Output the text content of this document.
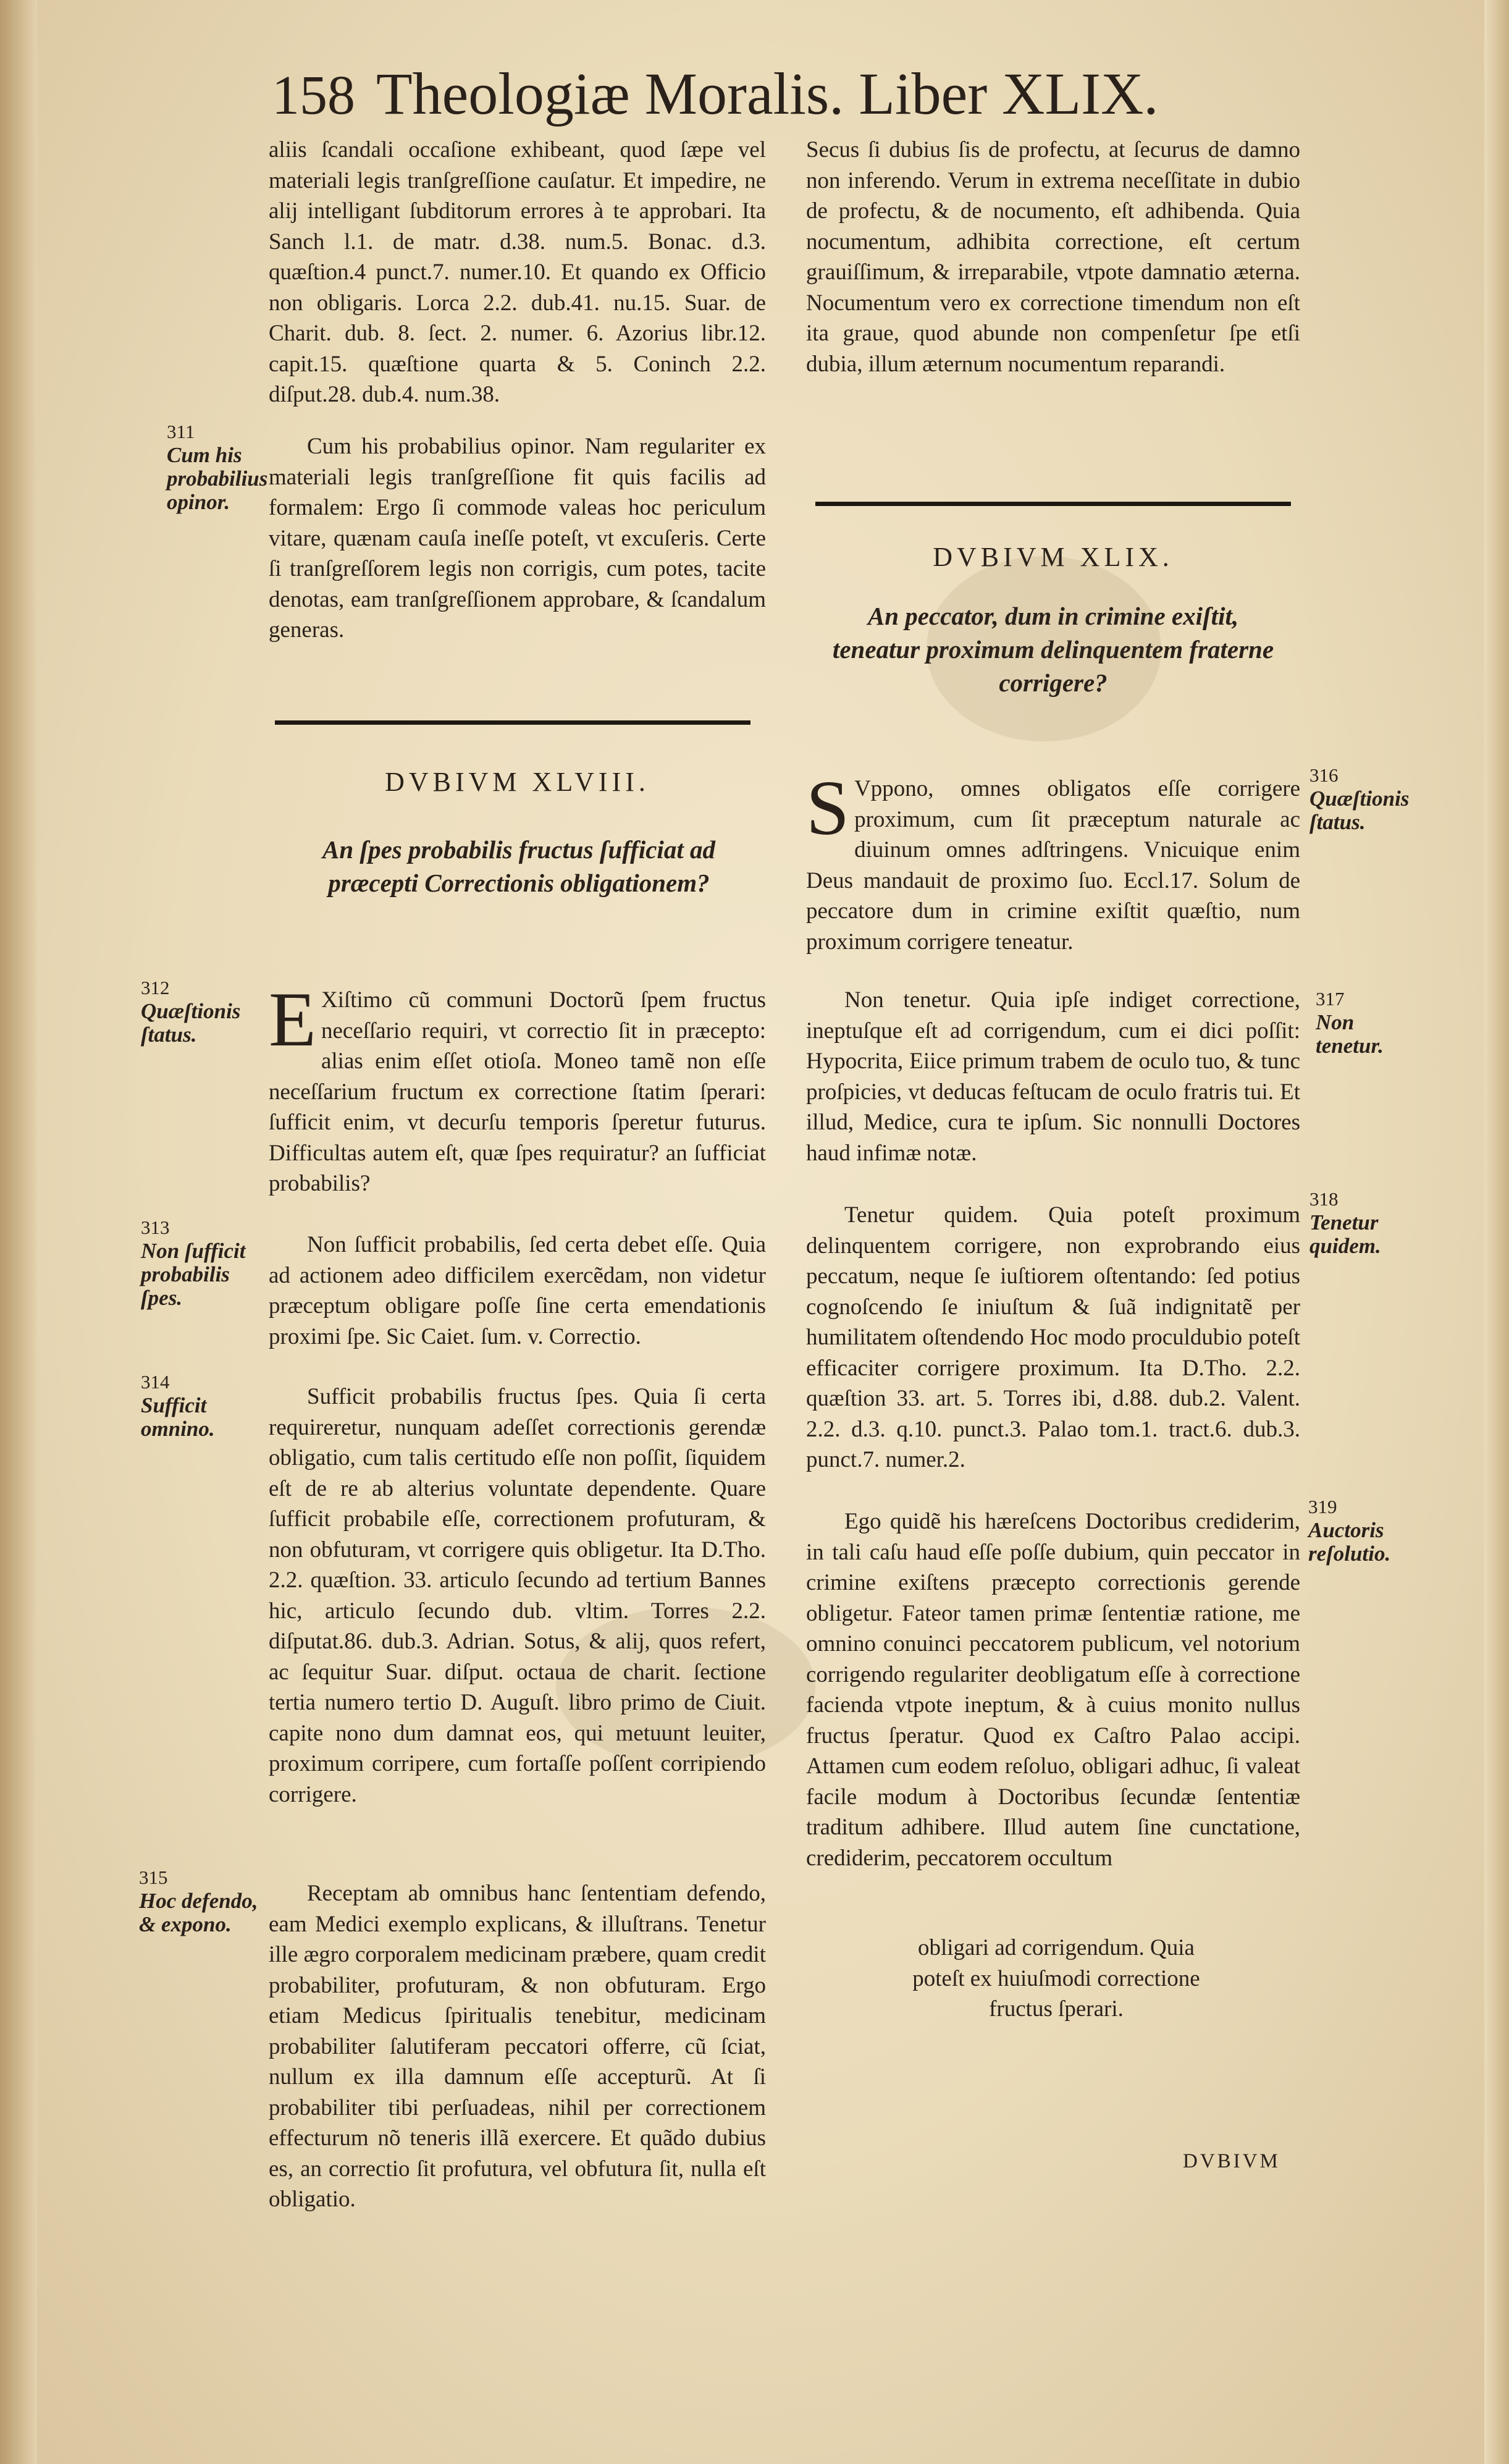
158 Theologiæ Moralis. Liber XLIX.

aliis ſcandali occaſione exhibeant, quod ſæpe vel materiali legis tranſgreſſione cauſatur. Et impedire, ne alij intelligant ſubditorum errores à te approbari. Ita Sanch l.1. de matr. d.38. num.5. Bonac. d.3. quæſtion.4 punct.7. numer.10. Et quando ex Officio non obligaris. Lorca 2.2. dub.41. nu.15. Suar. de Charit. dub. 8. ſect. 2. numer. 6. Azorius libr.12. capit.15. quæſtione quarta & 5. Coninch 2.2. diſput.28. dub.4. num.38.

311
Cum his probabilius opinor.

Cum his probabilius opinor. Nam regulariter ex materiali legis tranſgreſſione fit quis facilis ad formalem: Ergo ſi commode valeas hoc periculum vitare, quænam cauſa ineſſe poteſt, vt excuſeris. Certe ſi tranſgreſſorem legis non corrigis, cum potes, tacite denotas, eam tranſgreſſionem approbare, & ſcandalum generas.

DVBIVM XLVIII.
An ſpes probabilis fructus ſufficiat ad præcepti Correctionis obligationem?
312
Quæſtionis ſtatus. E Xiſtimo cũ communi Doctorũ ſpem fructus neceſſario requiri, vt correctio ſit in præcepto: alias enim eſſet otioſa. Moneo tamẽ non eſſe neceſſarium fructum ex correctione ſtatim ſperari: ſufficit enim, vt decurſu temporis ſperetur futurus. Difficultas autem eſt, quæ ſpes requiratur? an ſufficiat probabilis?

313
Non ſufficit probabilis ſpes.

Non ſufficit probabilis, ſed certa debet eſſe. Quia ad actionem adeo difficilem exercẽdam, non videtur præceptum obligare poſſe ſine certa emendationis proximi ſpe. Sic Caiet. ſum. v. Correctio.

314
Sufficit omnino.

Sufficit probabilis fructus ſpes. Quia ſi certa requireretur, nunquam adeſſet correctionis gerendæ obligatio, cum talis certitudo eſſe non poſſit, ſiquidem eſt de re ab alterius voluntate dependente. Quare ſufficit probabile eſſe, correctionem profuturam, & non obfuturam, vt corrigere quis obligetur. Ita D.Tho. 2.2. quæſtion. 33. articulo ſecundo ad tertium Bannes hic, articulo ſecundo dub. vltim. Torres 2.2. diſputat.86. dub.3. Adrian. Sotus, & alij, quos refert, ac ſequitur Suar. diſput. octaua de charit. ſectione tertia numero tertio D. Auguſt. libro primo de Ciuit. capite nono dum damnat eos, qui metuunt leuiter, proximum corripere, cum fortaſſe poſſent corripiendo corrigere.

315
Hoc defendo, & expono.

Receptam ab omnibus hanc ſententiam defendo, eam Medici exemplo explicans, & illuſtrans. Tenetur ille ægro corporalem medicinam præbere, quam credit probabiliter, profuturam, & non obfuturam. Ergo etiam Medicus ſpiritualis tenebitur, medicinam probabiliter ſalutiferam peccatori offerre, cũ ſciat, nullum ex illa damnum eſſe accepturũ. At ſi probabiliter tibi perſuadeas, nihil per correctionem effecturum nõ teneris illã exercere. Et quãdo dubius es, an correctio ſit profutura, vel obfutura ſit, nulla eſt obligatio.

Secus ſi dubius ſis de profectu, at ſecurus de damno non inferendo. Verum in extrema neceſſitate in dubio de profectu, & de nocumento, eſt adhibenda. Quia nocumentum, adhibita correctione, eſt certum grauiſſimum, & irreparabile, vtpote damnatio æterna. Nocumentum vero ex correctione timendum non eſt ita graue, quod abunde non compenſetur ſpe etſi dubia, illum æternum nocumentum reparandi.

DVBIVM XLIX.
An peccator, dum in crimine exiſtit, teneatur proximum delinquentem fraterne corrigere?
316
Quæſtionis ſtatus.

S Vppono, omnes obligatos eſſe corrigere proximum, cum ſit præceptum naturale ac diuinum omnes adſtringens. Vnicuique enim Deus mandauit de proximo ſuo. Eccl.17. Solum de peccatore dum in crimine exiſtit quæſtio, num proximum corrigere teneatur.

317
Non tenetur.

Non tenetur. Quia ipſe indiget correctione, ineptuſque eſt ad corrigendum, cum ei dici poſſit: Hypocrita, Eiice primum trabem de oculo tuo, & tunc proſpicies, vt deducas feſtucam de oculo fratris tui. Et illud, Medice, cura te ipſum. Sic nonnulli Doctores haud infimæ notæ.

318
Tenetur quidem.

Tenetur quidem. Quia poteſt proximum delinquentem corrigere, non exprobrando eius peccatum, neque ſe iuſtiorem oſtentando: ſed potius cognoſcendo ſe iniuſtum & ſuã indignitatẽ per humilitatem oſtendendo Hoc modo proculdubio poteſt efficaciter corrigere proximum. Ita D.Tho. 2.2. quæſtion 33. art. 5. Torres ibi, d.88. dub.2. Valent. 2.2. d.3. q.10. punct.3. Palao tom.1. tract.6. dub.3. punct.7. numer.2.

319
Auctoris reſolutio.

Ego quidẽ his hæreſcens Doctoribus crediderim, in tali caſu haud eſſe poſſe dubium, quin peccator in crimine exiſtens præcepto correctionis gerende obligetur. Fateor tamen primæ ſententiæ ratione, me omnino conuinci peccatorem publicum, vel notorium corrigendo regulariter deobligatum eſſe à correctione facienda vtpote ineptum, & à cuius monito nullus fructus ſperatur. Quod ex Caſtro Palao accipi. Attamen cum eodem reſoluo, obligari adhuc, ſi valeat facile modum à Doctoribus ſecundæ ſententiæ traditum adhibere. Illud autem ſine cunctatione, crediderim, peccatorem occultum

obligari ad corrigendum. Quia poteſt ex huiuſmodi correctione fructus ſperari.

DVBIVM
